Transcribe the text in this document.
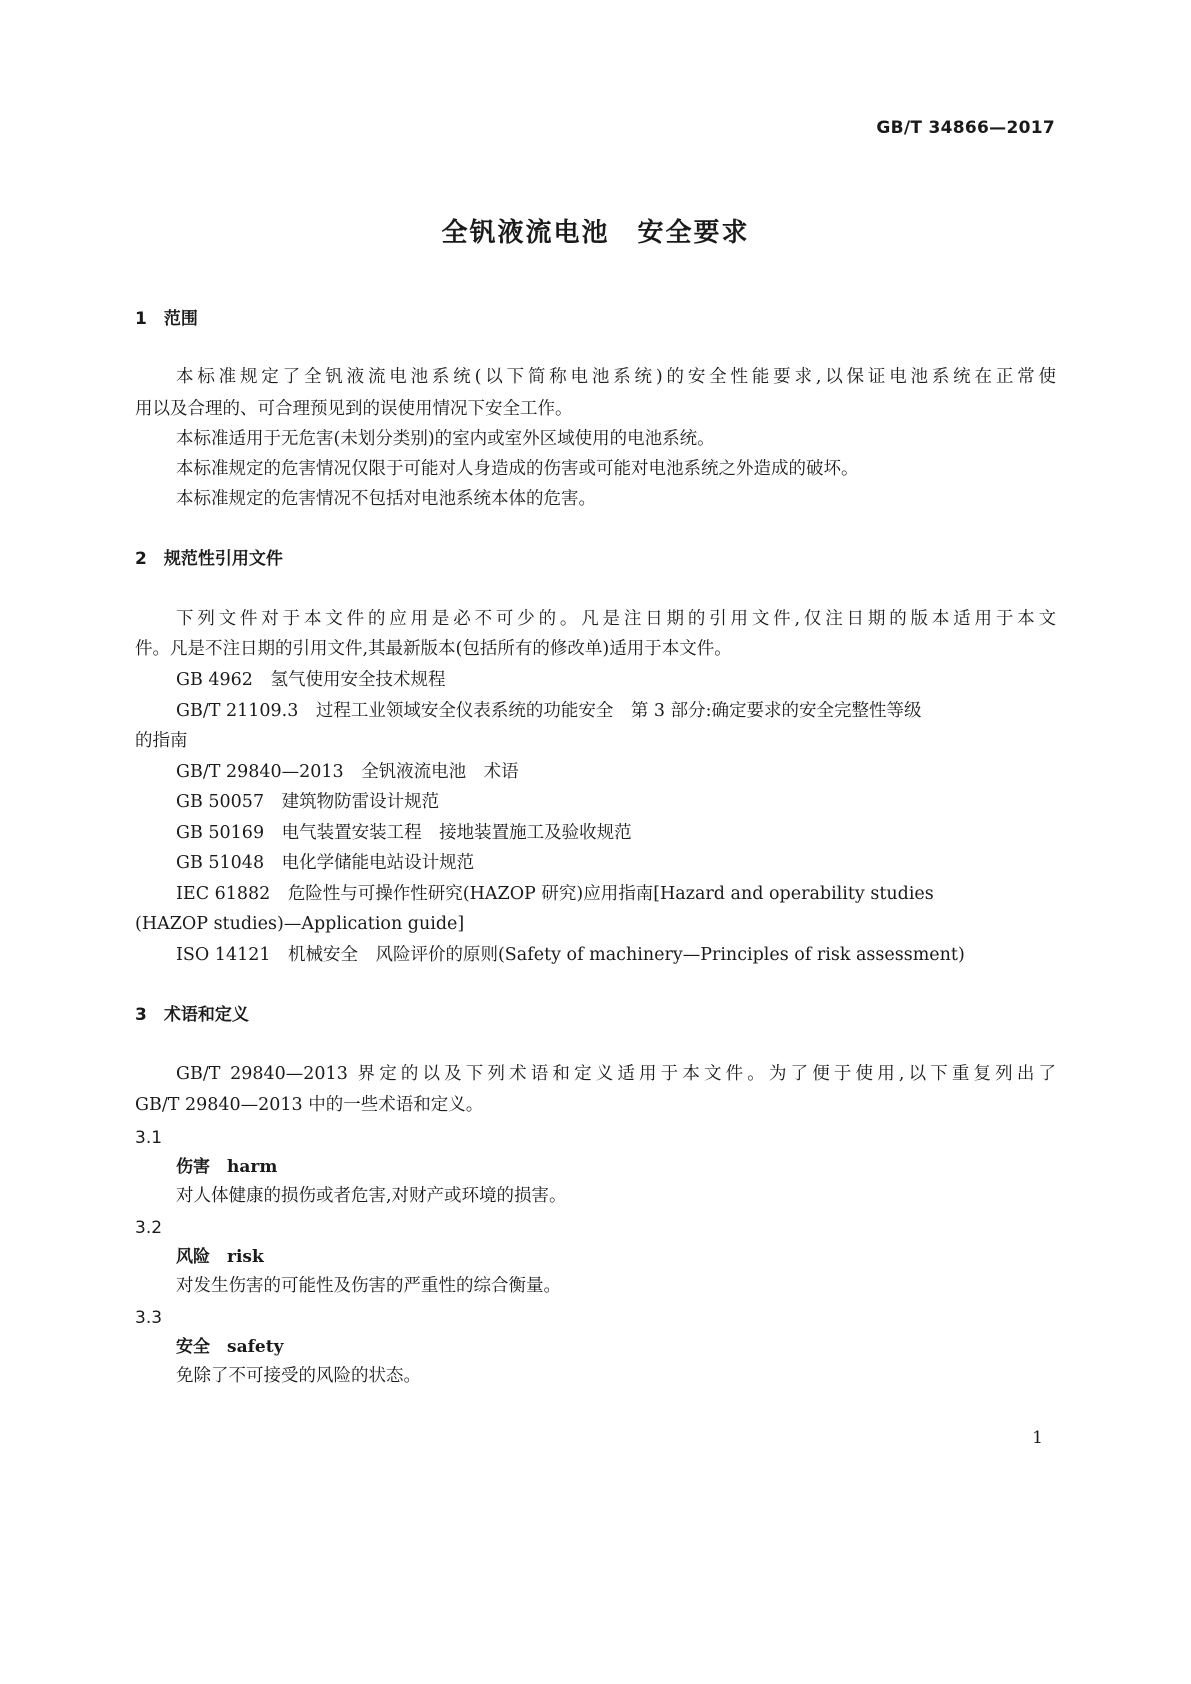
GB/T 34866—2017
全钒液流电池　安全要求
1　范围
本标准规定了全钒液流电池系统(以下简称电池系统)的安全性能要求,以保证电池系统在正常使
用以及合理的、可合理预见到的误使用情况下安全工作。
本标准适用于无危害(未划分类别)的室内或室外区域使用的电池系统。
本标准规定的危害情况仅限于可能对人身造成的伤害或可能对电池系统之外造成的破坏。
本标准规定的危害情况不包括对电池系统本体的危害。
2　规范性引用文件
下列文件对于本文件的应用是必不可少的。凡是注日期的引用文件,仅注日期的版本适用于本文
件。凡是不注日期的引用文件,其最新版本(包括所有的修改单)适用于本文件。
GB 4962　 氢气使用安全技术规程
GB/T 21109.3　 过程工业领域安全仪表系统的功能安全　第 3 部分:确定要求的安全完整性等级
的指南
GB/T 29840—2013　 全钒液流电池　术语
GB 50057　 建筑物防雷设计规范
GB 50169　 电气装置安装工程　接地装置施工及验收规范
GB 51048　 电化学储能电站设计规范
IEC 61882　 危险性与可操作性研究(HAZOP 研究)应用指南[Hazard and operability studies
(HAZOP studies)—Application guide]
ISO 14121　 机械安全　风险评价的原则(Safety of machinery—Principles of risk assessment)
3　术语和定义
GB/T 29840—2013 界定的以及下列术语和定义适用于本文件。为了便于使用,以下重复列出了
GB/T 29840—2013 中的一些术语和定义。
3.1
伤害　 harm
对人体健康的损伤或者危害,对财产或环境的损害。
3.2
风险　 risk
对发生伤害的可能性及伤害的严重性的综合衡量。
3.3
安全　 safety
免除了不可接受的风险的状态。
1
